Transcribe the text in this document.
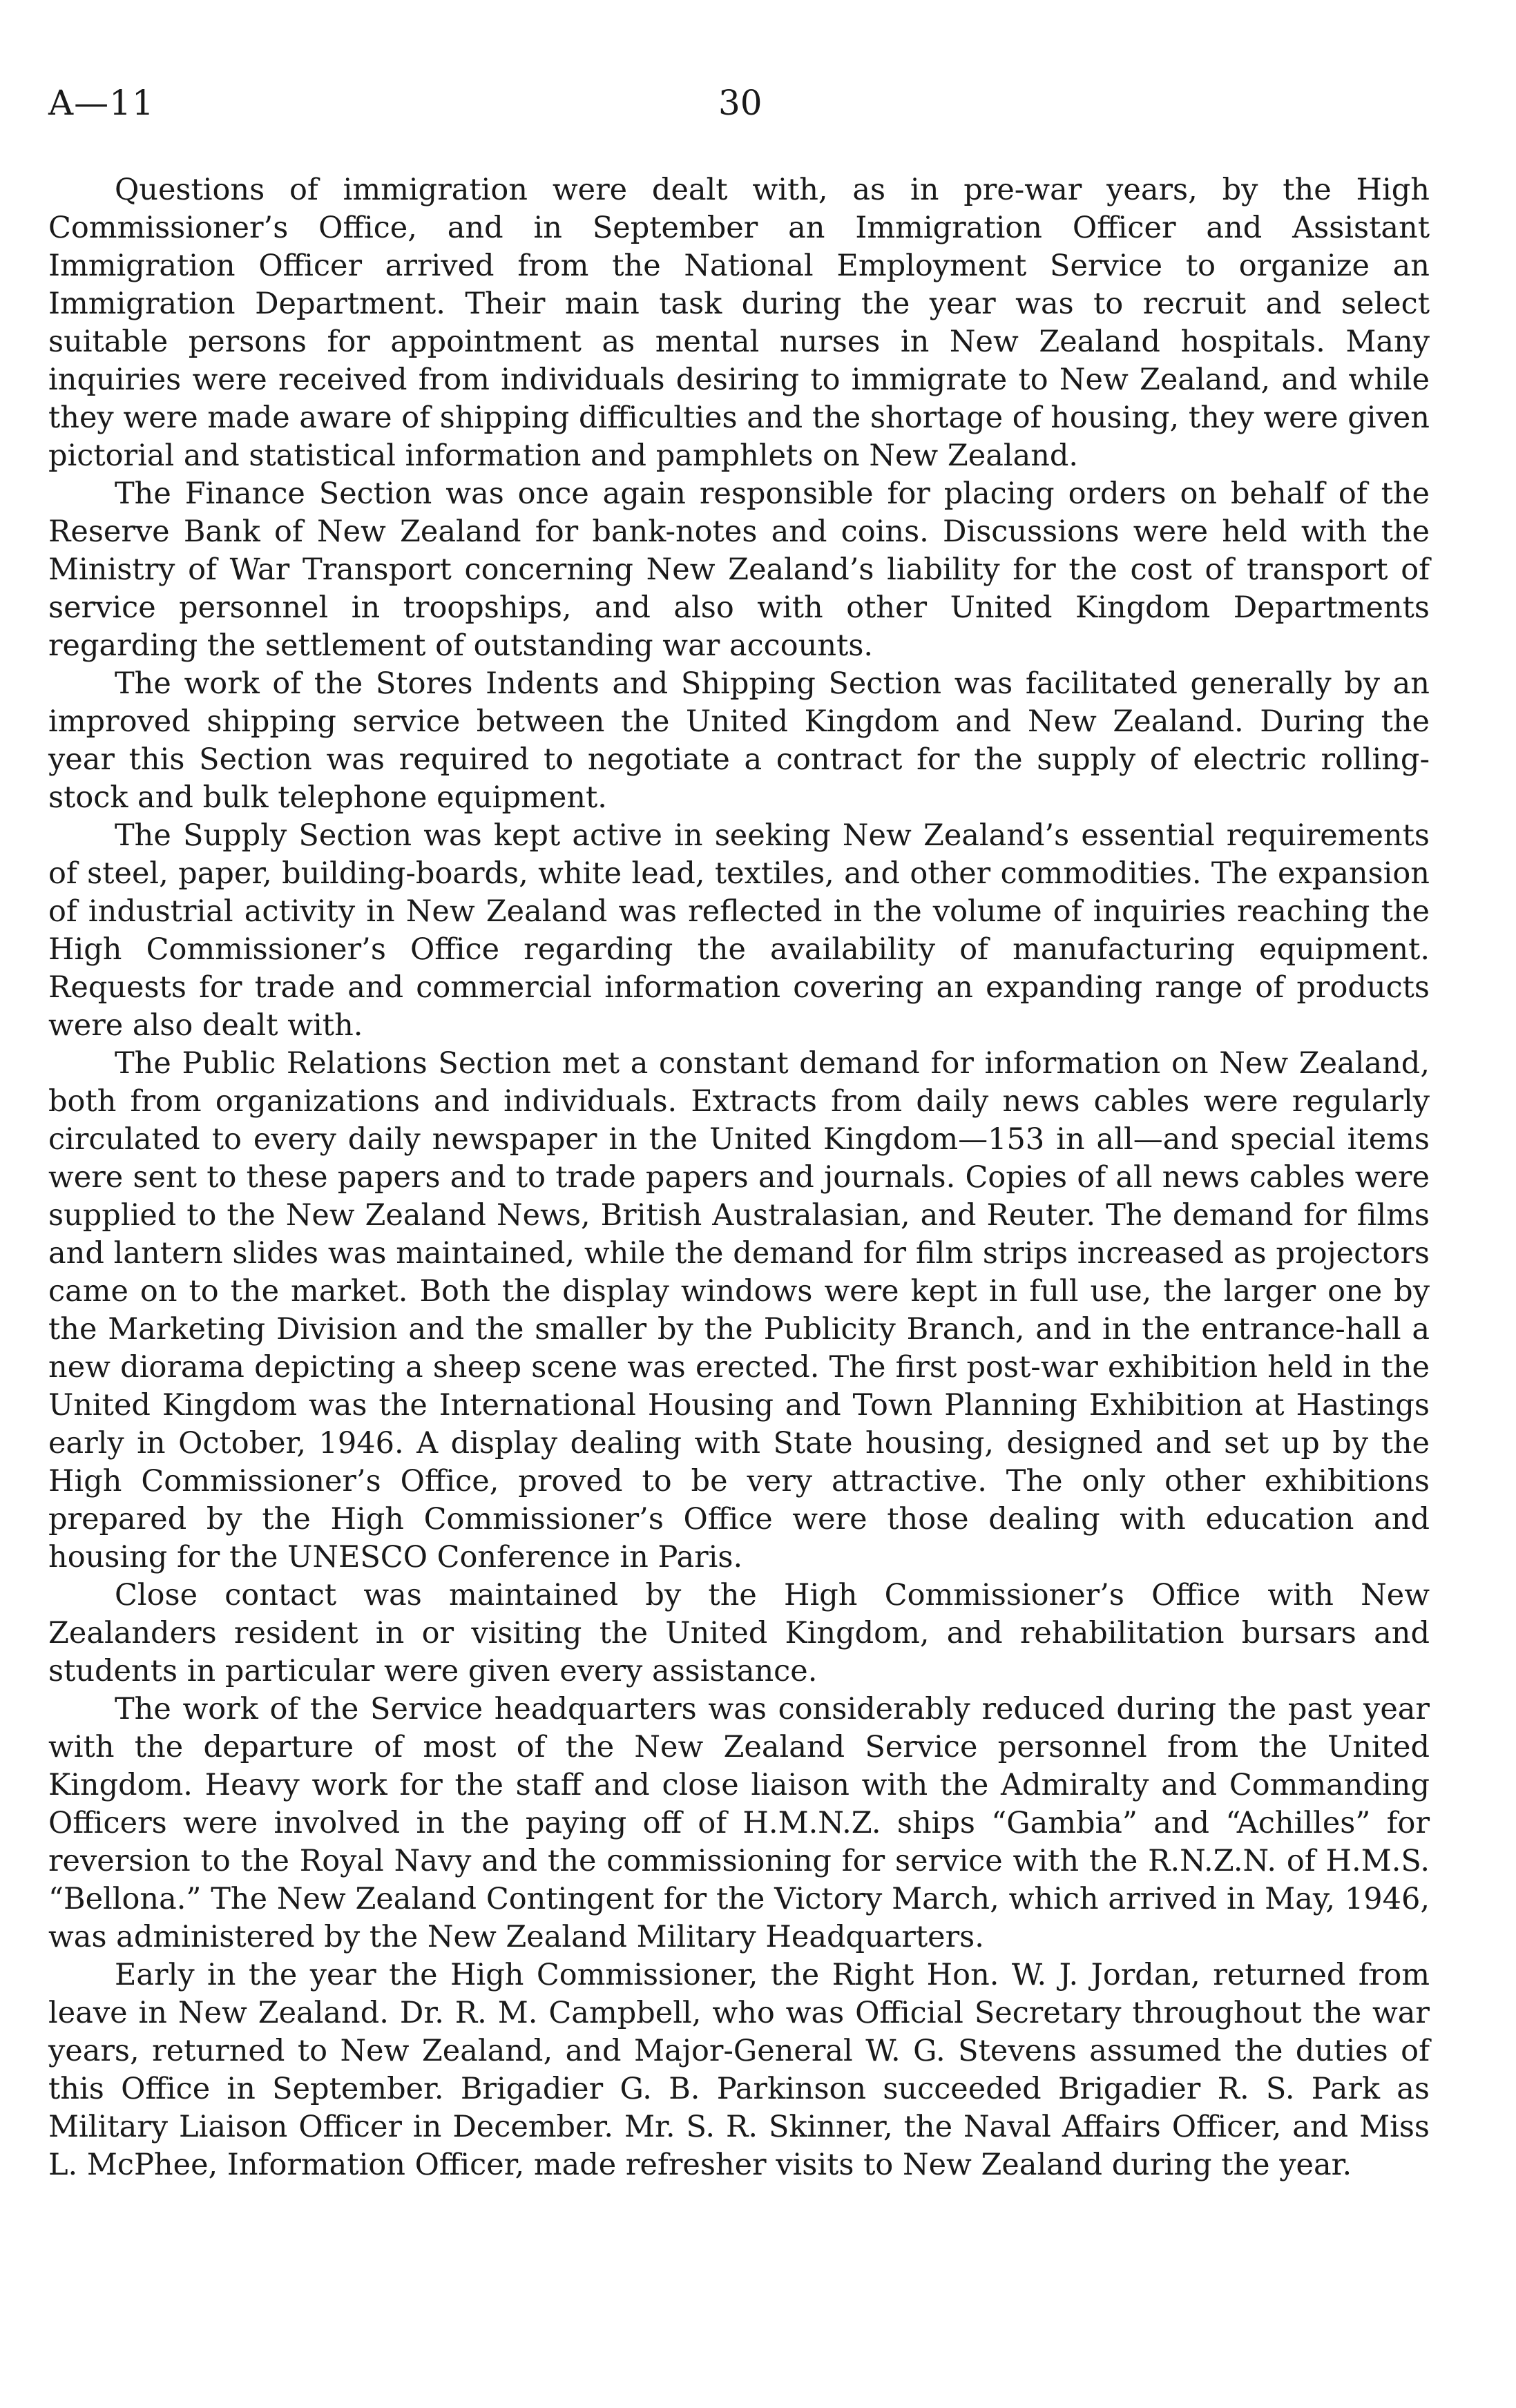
A—11	30

Questions of immigration were dealt with, as in pre-war years, by the High Commissioner’s Office, and in September an Immigration Officer and Assistant Immigration Officer arrived from the National Employment Service to organize an Immigration Department. Their main task during the year was to recruit and select suitable persons for appointment as mental nurses in New Zealand hospitals. Many inquiries were received from individuals desiring to immigrate to New Zealand, and while they were made aware of shipping difficulties and the shortage of housing, they were given pictorial and statistical information and pamphlets on New Zealand.

The Finance Section was once again responsible for placing orders on behalf of the Reserve Bank of New Zealand for bank-notes and coins. Discussions were held with the Ministry of War Transport concerning New Zealand’s liability for the cost of transport of service personnel in troopships, and also with other United Kingdom Departments regarding the settlement of outstanding war accounts.

The work of the Stores Indents and Shipping Section was facilitated generally by an improved shipping service between the United Kingdom and New Zealand. During the year this Section was required to negotiate a contract for the supply of electric rolling-stock and bulk telephone equipment.

The Supply Section was kept active in seeking New Zealand’s essential requirements of steel, paper, building-boards, white lead, textiles, and other commodities. The expansion of industrial activity in New Zealand was reflected in the volume of inquiries reaching the High Commissioner’s Office regarding the availability of manufacturing equipment. Requests for trade and commercial information covering an expanding range of products were also dealt with.

The Public Relations Section met a constant demand for information on New Zealand, both from organizations and individuals. Extracts from daily news cables were regularly circulated to every daily newspaper in the United Kingdom—153 in all—and special items were sent to these papers and to trade papers and journals. Copies of all news cables were supplied to the New Zealand News, British Australasian, and Reuter. The demand for films and lantern slides was maintained, while the demand for film strips increased as projectors came on to the market. Both the display windows were kept in full use, the larger one by the Marketing Division and the smaller by the Publicity Branch, and in the entrance-hall a new diorama depicting a sheep scene was erected. The first post-war exhibition held in the United Kingdom was the International Housing and Town Planning Exhibition at Hastings early in October, 1946. A display dealing with State housing, designed and set up by the High Commissioner’s Office, proved to be very attractive. The only other exhibitions prepared by the High Commissioner’s Office were those dealing with education and housing for the UNESCO Conference in Paris.

Close contact was maintained by the High Commissioner’s Office with New Zealanders resident in or visiting the United Kingdom, and rehabilitation bursars and students in particular were given every assistance.

The work of the Service headquarters was considerably reduced during the past year with the departure of most of the New Zealand Service personnel from the United Kingdom. Heavy work for the staff and close liaison with the Admiralty and Commanding Officers were involved in the paying off of H.M.N.Z. ships “Gambia” and “Achilles” for reversion to the Royal Navy and the commissioning for service with the R.N.Z.N. of H.M.S. “Bellona.” The New Zealand Contingent for the Victory March, which arrived in May, 1946, was administered by the New Zealand Military Headquarters.

Early in the year the High Commissioner, the Right Hon. W. J. Jordan, returned from leave in New Zealand. Dr. R. M. Campbell, who was Official Secretary throughout the war years, returned to New Zealand, and Major-General W. G. Stevens assumed the duties of this Office in September. Brigadier G. B. Parkinson succeeded Brigadier R. S. Park as Military Liaison Officer in December. Mr. S. R. Skinner, the Naval Affairs Officer, and Miss L. McPhee, Information Officer, made refresher visits to New Zealand during the year.
